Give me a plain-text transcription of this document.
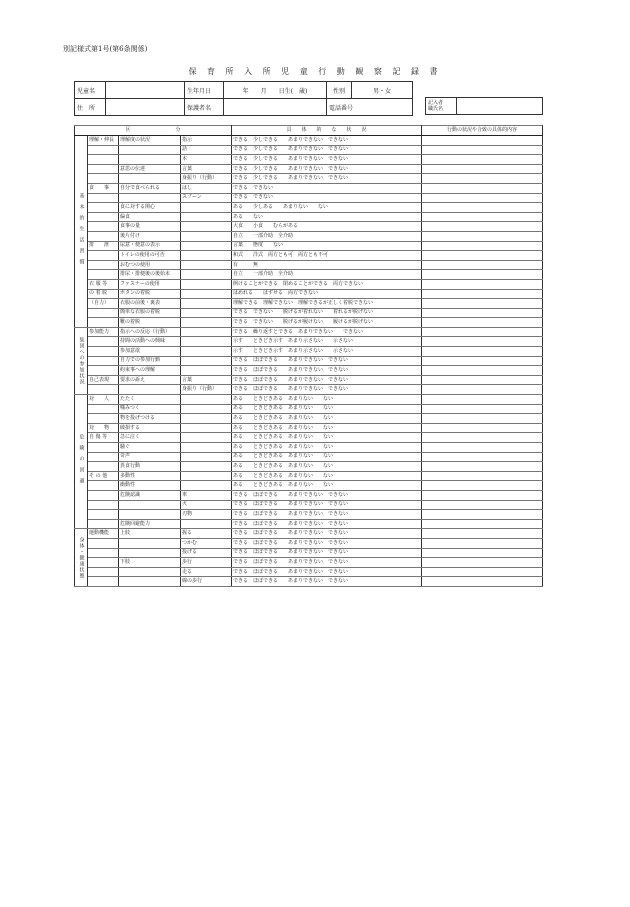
別記様式第1号(第6条関係)
保 育 所 入 所 児 童 行 動 観 察 記 録 書
児童名		生年月日	年　　月　　日生(　歳)	性別	男・女
住　所		保護者名		電話番号	
記入者
職氏名	
区　　　　　　　　　分				具　　体　　的　　な　　状　　況	行動の状況や合致の具体的内容
基本的生活習慣	理解・伸長	理解度の状況	指示	できる　少しできる　　あまりできない　できない	
			話	できる　少しできる　　あまりできない　できない	
			本	できる　少しできる　　あまりできない　できない	
		意思の伝達	言葉	できる　少しできる　　あまりできない　できない	
			身振り（行動）	できる　少しできる　　あまりできない　できない	
	食　　事	自分で食べられる	はし	できる　できない	
			スプーン	できる　できない	
		食に対する関心		ある　　少しある　　あまりない　　ない	
		偏食		ある　　ない	
		食事の量		大食　　小食　　むらがある	
		後片付け		自立　　一部介助　全介助	
	排　　泄	尿意・便意の表示		言葉　　態度　　ない	
		トイレの使用の可否		和式　　洋式　両方とも可　両方とも不可	
		おむつの使用		有　　　無	
		排尿・排便後の後始末		自立　　一部介助　全介助	
	衣 服 等	ファスナーの使用		開けることができる　閉めることができる　両方できない	
	の 着 脱	ボタンの着脱		はめれる　　はずせる　両方できない	
	（自力）	衣服の前後・裏表		理解できる　理解できない　理解できるが正しく着脱できない	
		簡単な衣服の着脱		できる　できない　　脱げるが着れない　　着れるが脱げない	
		靴の着脱		できる　できない　　脱げるが履けない　　履けるが脱げない	
集団への参加状況	参加能力	指示への反応（行動）		できる　繰り返すとできる　あまりできない　　できない	
		持間の活動への興味		示す　　ときどき示す　あまり示さない　　示さない	
		参加意欲		示す　　ときどき示す　あまり示さない　　示さない	
		自力での参加行動		できる　ほぼできる　　あまりできない　できない	
		約束事への理解		できる　ほぼできる　　あまりできない　できない	
	自己表現	要求の訴え	言葉	できる　ほぼできる　　あまりできない　できない	
			身振り（行動）	できる　ほぼできる　　あまりできない　できない	
危険の回避	対　　人	たたく		ある　　ときどきある　あまりない　　ない	
		噛みつく		ある　　ときどきある　あまりない　　ない	
		物を投げつける		ある　　ときどきある　あまりない　　ない	
	対　　物	破損する		ある　　ときどきある　あまりない　　ない	
	自 傷 等	急に泣く		ある　　ときどきある　あまりない　　ない	
		騒ぐ		ある　　ときどきある　あまりない　　ない	
		奇声		ある　　ときどきある　あまりない　　ない	
		異食行動		ある　　ときどきある　あまりない　　ない	
	そ の 他	多動性		ある　　ときどきある　あまりない　　ない	
		衝動性		ある　　ときどきある　あまりない　　ない	
		危険認識	車	できる　ほぼできる　　あまりできない　できない	
			火	できる　ほぼできる　　あまりできない　できない	
			刃物	できる　ほぼできる　　あまりできない　できない	
		危険回避能力		できる　ほぼできる　　あまりできない　できない	
身体・健康状態	運動機能	上肢	握る	できる　ほぼできる　　あまりできない　できない	
			つかむ	できる　ほぼできる　　あまりできない　できない	
			投げる	できる　ほぼできる　　あまりできない　できない	
		下肢	歩行	できる　ほぼできる　　あまりできない　できない	
			走る	できる　ほぼできる　　あまりできない　できない	
			線の歩行	できる　ほぼできる　　あまりできない　できない	
